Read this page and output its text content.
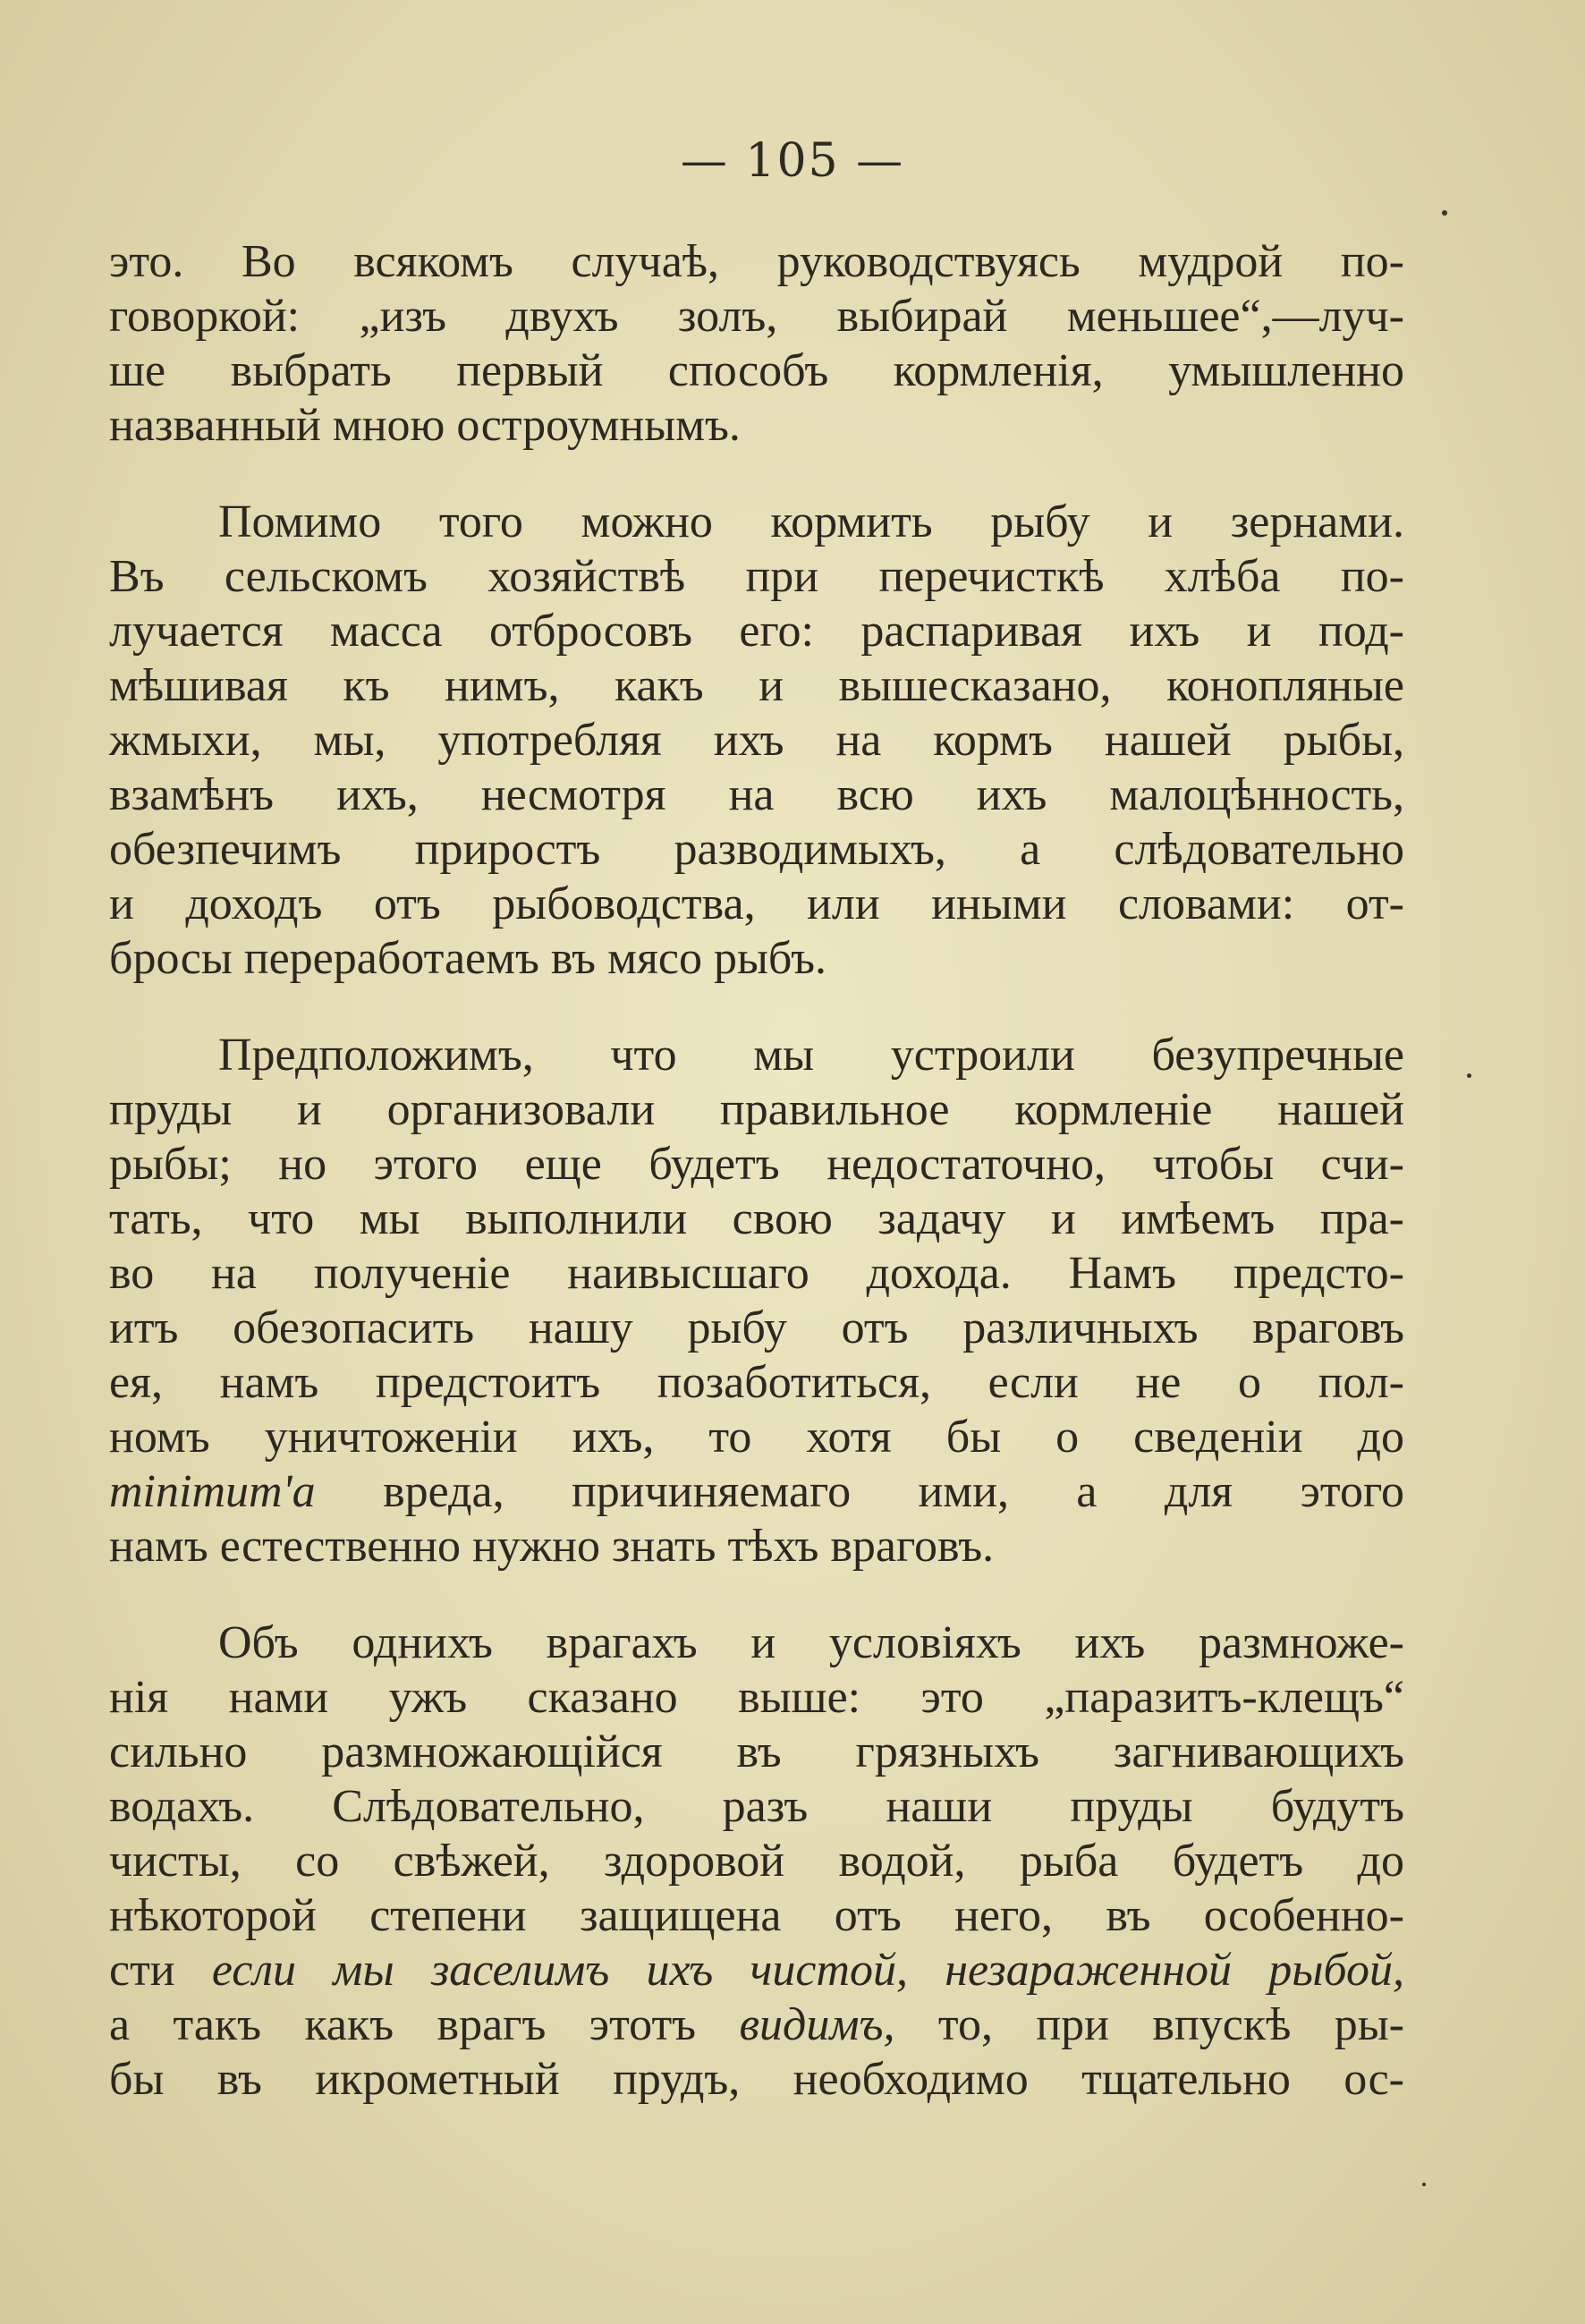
— 105 —
это. Во всякомъ случаѣ, руководствуясь мудрой по-
говоркой: „изъ двухъ золъ, выбирай меньшее“,—луч-
ше выбрать первый способъ кормленія, умышленно
названный мною остроумнымъ.
Помимо того можно кормить рыбу и зернами.
Въ сельскомъ хозяйствѣ при перечисткѣ хлѣба по-
лучается масса отбросовъ его: распаривая ихъ и под-
мѣшивая къ нимъ, какъ и вышесказано, конопляные
жмыхи, мы, употребляя ихъ на кормъ нашей рыбы,
взамѣнъ ихъ, несмотря на всю ихъ малоцѣнность,
обезпечимъ приростъ разводимыхъ, а слѣдовательно
и доходъ отъ рыбоводства, или иными словами: от-
бросы переработаемъ въ мясо рыбъ.
Предположимъ, что мы устроили безупречные
пруды и организовали правильное кормленіе нашей
рыбы; но этого еще будетъ недостаточно, чтобы счи-
тать, что мы выполнили свою задачу и имѣемъ пра-
во на полученіе наивысшаго дохода. Намъ предсто-
итъ обезопасить нашу рыбу отъ различныхъ враговъ
ея, намъ предстоитъ позаботиться, если не о пол-
номъ уничтоженіи ихъ, то хотя бы о сведеніи до
minimum'а вреда, причиняемаго ими, а для этого
намъ естественно нужно знать тѣхъ враговъ.
Объ однихъ врагахъ и условіяхъ ихъ размноже-
нія нами ужъ сказано выше: это „паразитъ-клещъ“
сильно размножающійся въ грязныхъ загнивающихъ
водахъ. Слѣдовательно, разъ наши пруды будутъ
чисты, со свѣжей, здоровой водой, рыба будетъ до
нѣкоторой степени защищена отъ него, въ особенно-
сти если мы заселимъ ихъ чистой, незараженной рыбой,
а такъ какъ врагъ этотъ видимъ, то, при впускѣ ры-
бы въ икрометный прудъ, необходимо тщательно ос-
